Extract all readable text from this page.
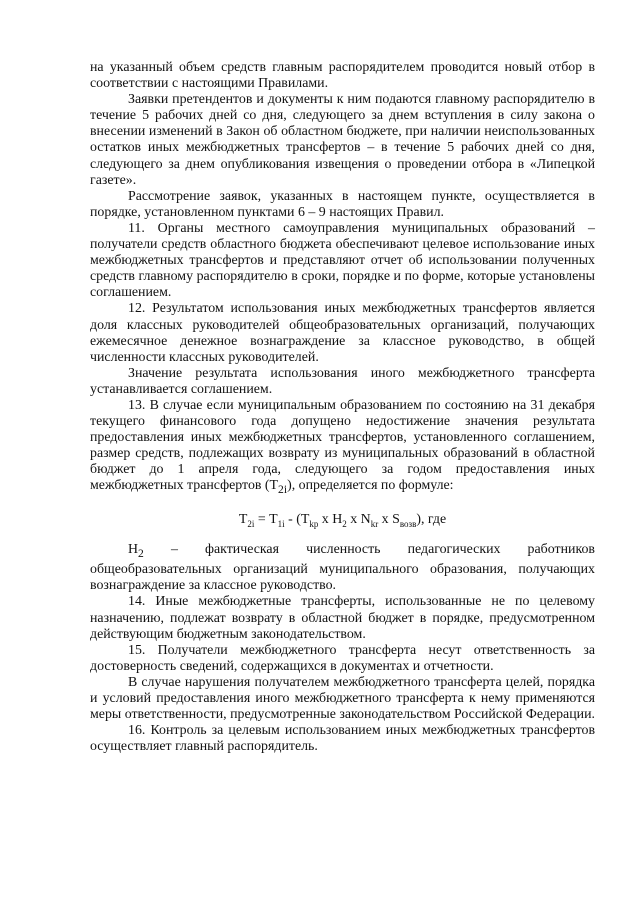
на указанный объем средств главным распорядителем проводится новый отбор в соответствии с настоящими Правилами.

Заявки претендентов и документы к ним подаются главному распорядителю в течение 5 рабочих дней со дня, следующего за днем вступления в силу закона о внесении изменений в Закон об областном бюджете, при наличии неиспользованных остатков иных межбюджетных трансфертов – в течение 5 рабочих дней со дня, следующего за днем опубликования извещения о проведении отбора в «Липецкой газете».

Рассмотрение заявок, указанных в настоящем пункте, осуществляется в порядке, установленном пунктами 6 – 9 настоящих Правил.

11. Органы местного самоуправления муниципальных образований – получатели средств областного бюджета обеспечивают целевое использование иных межбюджетных трансфертов и представляют отчет об использовании полученных средств главному распорядителю в сроки, порядке и по форме, которые установлены соглашением.

12. Результатом использования иных межбюджетных трансфертов является доля классных руководителей общеобразовательных организаций, получающих ежемесячное денежное вознаграждение за классное руководство, в общей численности классных руководителей.

Значение результата использования иного межбюджетного трансферта устанавливается соглашением.

13. В случае если муниципальным образованием по состоянию на 31 декабря текущего финансового года допущено недостижение значения результата предоставления иных межбюджетных трансфертов, установленного соглашением, размер средств, подлежащих возврату из муниципальных образований в областной бюджет до 1 апреля года, следующего за годом предоставления иных межбюджетных трансфертов $(Т_{2i})$, определяется по формуле:

$Т_{2i} = Т_{1i} - (Т_{kр}$ х $Н_2$ х $N_{kr}$ х $S_{возв}$), где

$Н_2$ – фактическая численность педагогических работников общеобразовательных организаций муниципального образования, получающих вознаграждение за классное руководство.

14. Иные межбюджетные трансферты, использованные не по целевому назначению, подлежат возврату в областной бюджет в порядке, предусмотренном действующим бюджетным законодательством.

15. Получатели межбюджетного трансферта несут ответственность за достоверность сведений, содержащихся в документах и отчетности.

В случае нарушения получателем межбюджетного трансферта целей, порядка и условий предоставления иного межбюджетного трансферта к нему применяются меры ответственности, предусмотренные законодательством Российской Федерации.

16. Контроль за целевым использованием иных межбюджетных трансфертов осуществляет главный распорядитель.
